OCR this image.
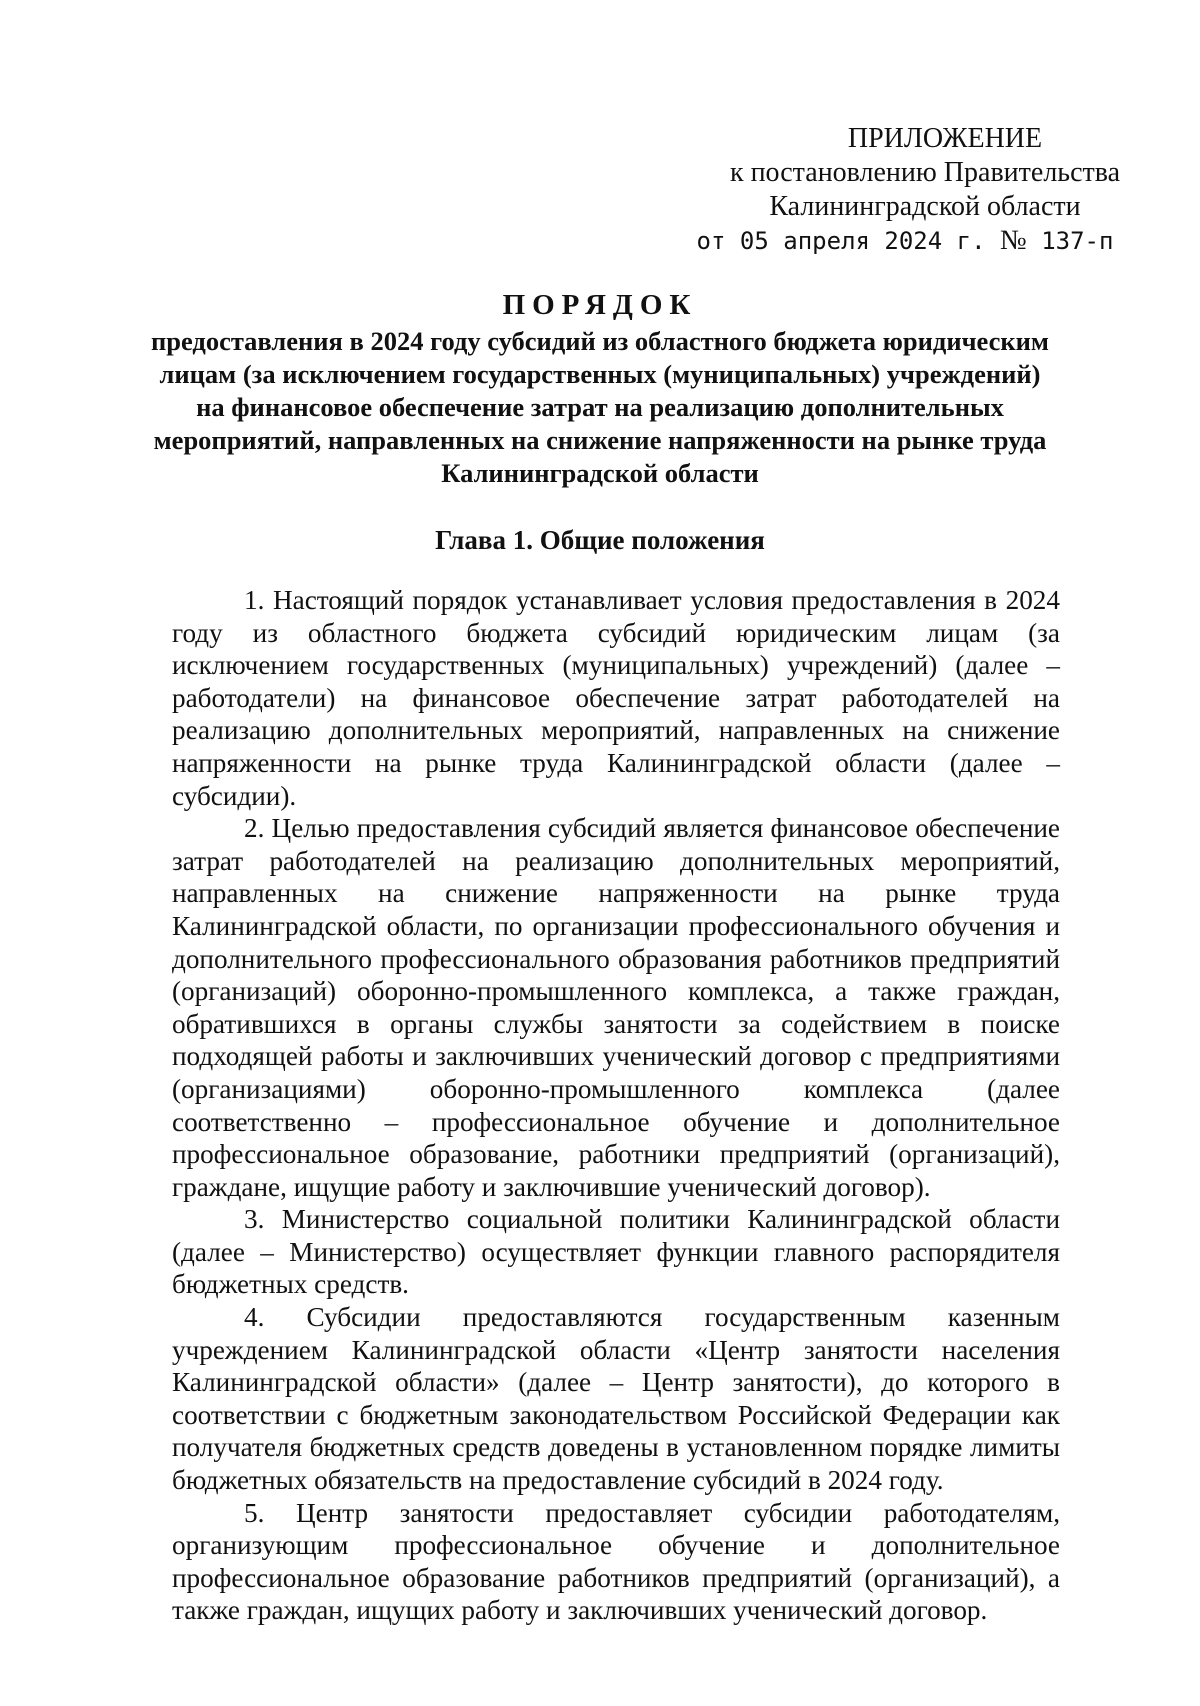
ПРИЛОЖЕНИЕ
к постановлению Правительства
Калининградской области
от 05 апреля 2024 г. № 137-п
ПОРЯДОК
предоставления в 2024 году субсидий из областного бюджета юридическим лицам (за исключением государственных (муниципальных) учреждений) на финансовое обеспечение затрат на реализацию дополнительных мероприятий, направленных на снижение напряженности на рынке труда Калининградской области
Глава 1. Общие положения

1. Настоящий порядок устанавливает условия предоставления в 2024 году из областного бюджета субсидий юридическим лицам (за исключением государственных (муниципальных) учреждений) (далее – работодатели) на финансовое обеспечение затрат работодателей на реализацию дополнительных мероприятий, направленных на снижение напряженности на рынке труда Калининградской области (далее – субсидии).

2. Целью предоставления субсидий является финансовое обеспечение затрат работодателей на реализацию дополнительных мероприятий, направленных на снижение напряженности на рынке труда Калининградской области, по организации профессионального обучения и дополнительного профессионального образования работников предприятий (организаций) оборонно-промышленного комплекса, а также граждан, обратившихся в органы службы занятости за содействием в поиске подходящей работы и заключивших ученический договор с предприятиями (организациями) оборонно-промышленного комплекса (далее соответственно – профессиональное обучение и дополнительное профессиональное образование, работники предприятий (организаций), граждане, ищущие работу и заключившие ученический договор).

3. Министерство социальной политики Калининградской области (далее – Министерство) осуществляет функции главного распорядителя бюджетных средств.

4. Субсидии предоставляются государственным казенным учреждением Калининградской области «Центр занятости населения Калининградской области» (далее – Центр занятости), до которого в соответствии с бюджетным законодательством Российской Федерации как получателя бюджетных средств доведены в установленном порядке лимиты бюджетных обязательств на предоставление субсидий в 2024 году.

5. Центр занятости предоставляет субсидии работодателям, организующим профессиональное обучение и дополнительное профессиональное образование работников предприятий (организаций), а также граждан, ищущих работу и заключивших ученический договор.
